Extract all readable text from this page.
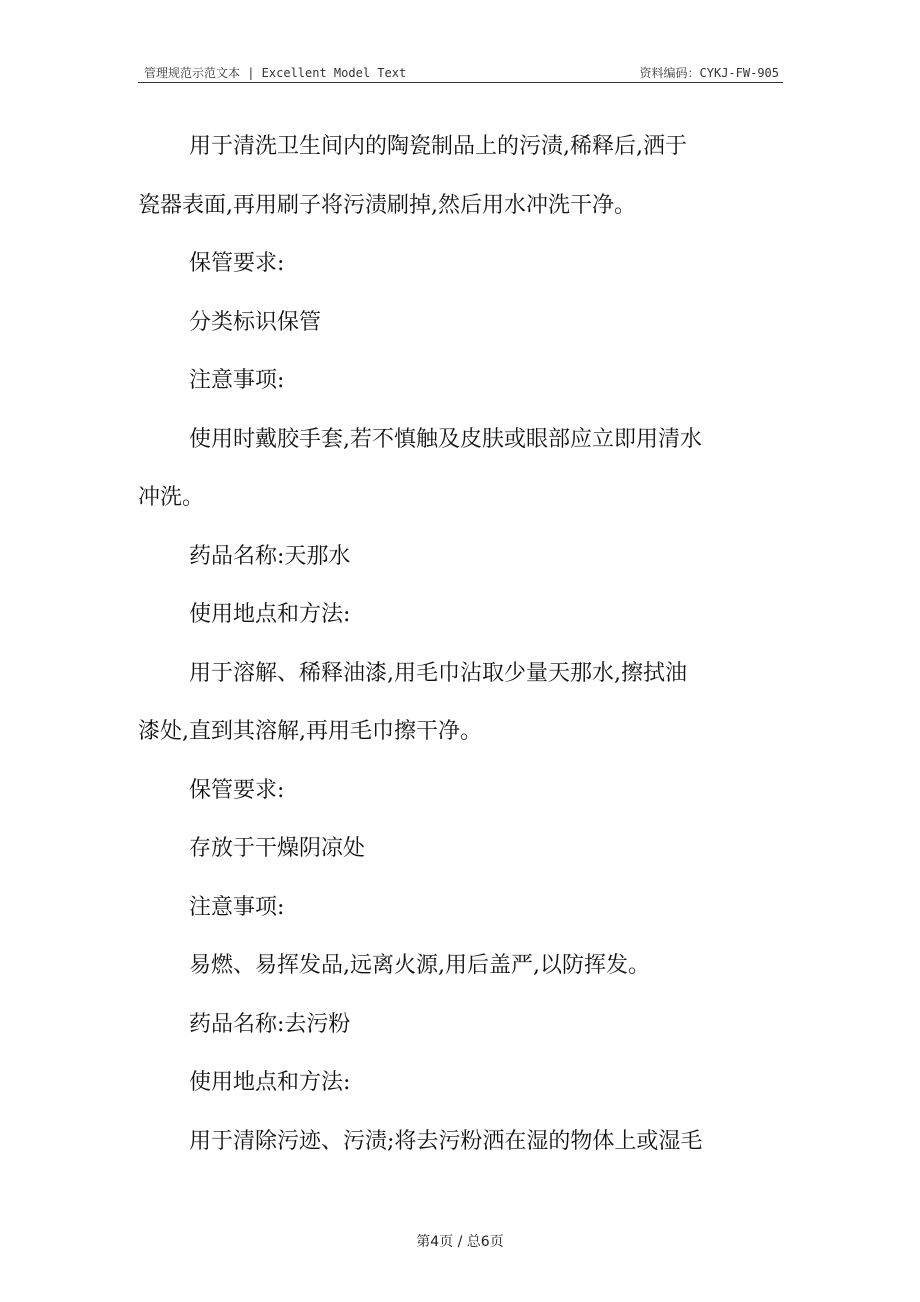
管理规范示范文本 | Excellent Model Text	资料编码：CYKJ-FW-905
用于清洗卫生间内的陶瓷制品上的污渍,稀释后,洒于
瓷器表面,再用刷子将污渍刷掉,然后用水冲洗干净。
保管要求:
分类标识保管
注意事项:
使用时戴胶手套,若不慎触及皮肤或眼部应立即用清水
冲洗。
药品名称:天那水
使用地点和方法:
用于溶解、稀释油漆,用毛巾沾取少量天那水,擦拭油
漆处,直到其溶解,再用毛巾擦干净。
保管要求:
存放于干燥阴凉处
注意事项:
易燃、易挥发品,远离火源,用后盖严,以防挥发。
药品名称:去污粉
使用地点和方法:
用于清除污迹、污渍;将去污粉洒在湿的物体上或湿毛
第4页 / 总6页
